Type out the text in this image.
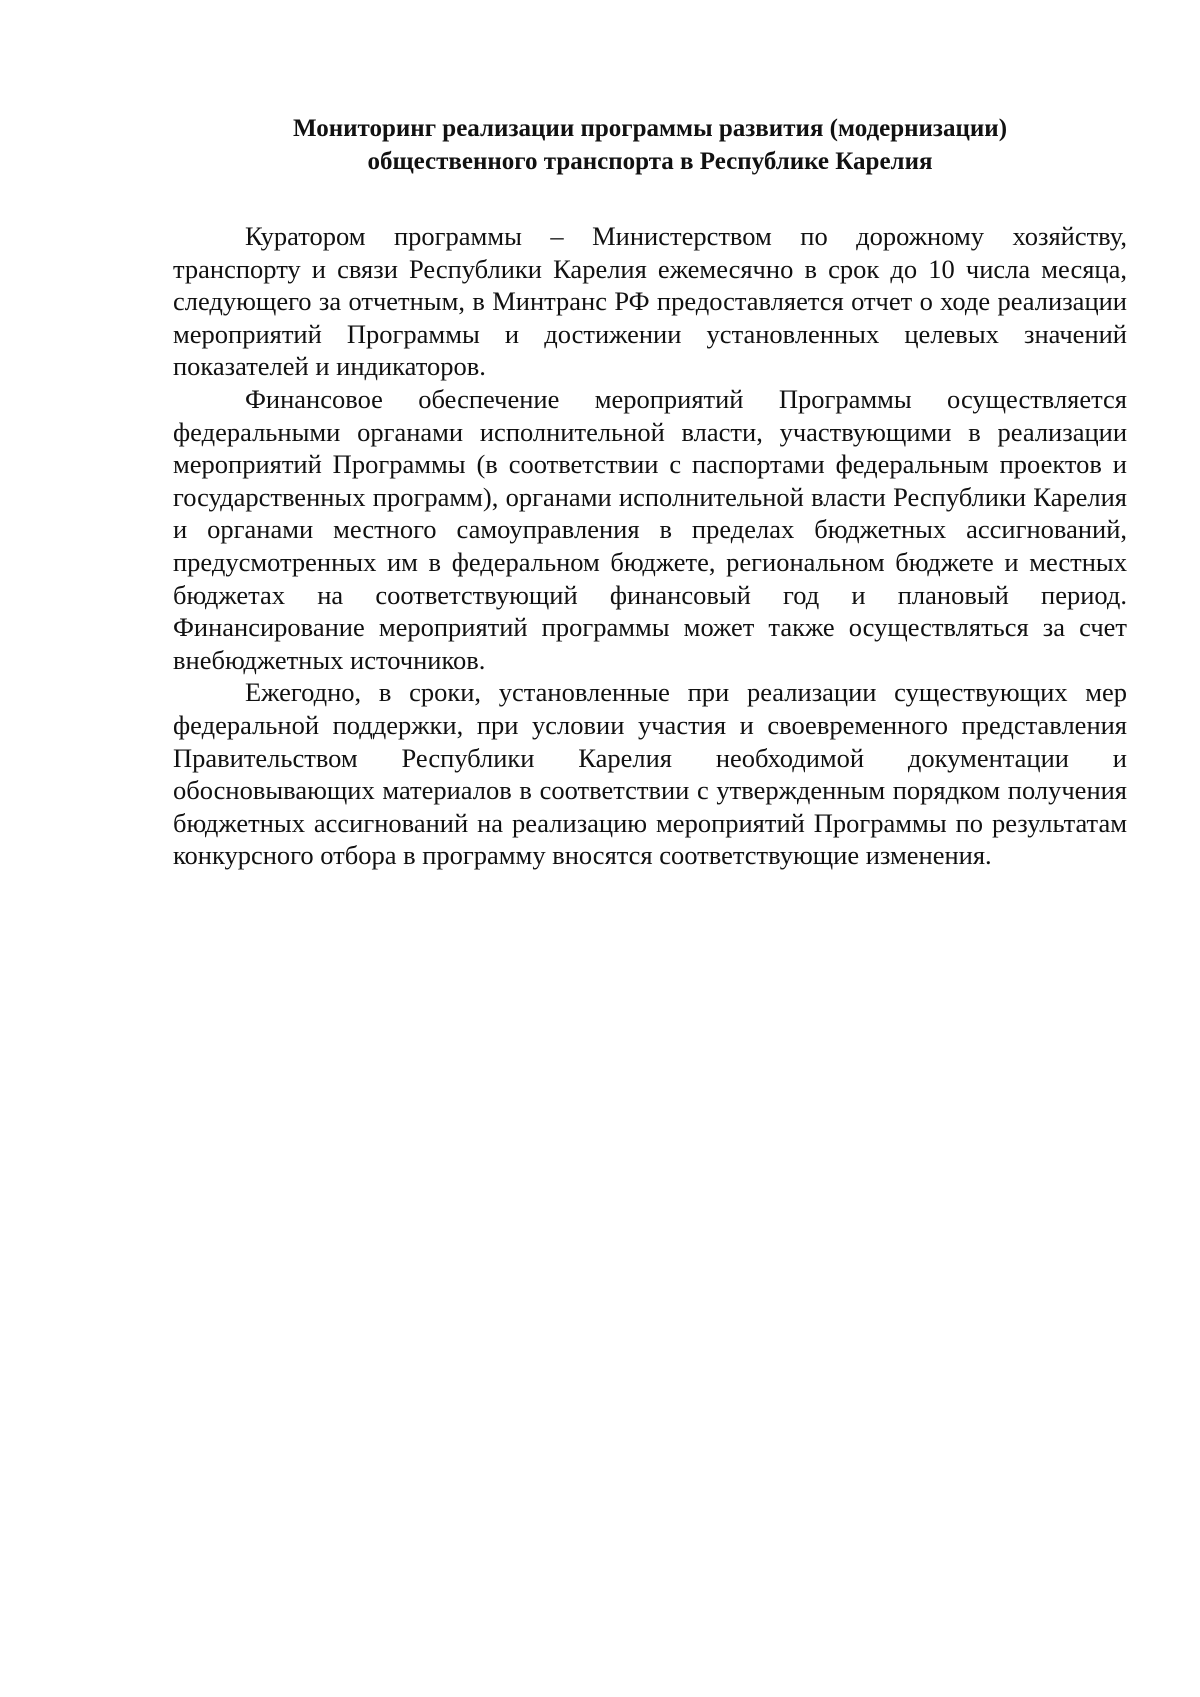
Мониторинг реализации программы развития (модернизации)
общественного транспорта в Республике Карелия

Куратором программы – Министерством по дорожному хозяйству, транспорту и связи Республики Карелия ежемесячно в срок до 10 числа месяца, следующего за отчетным, в Минтранс РФ предоставляется отчет о ходе реализации мероприятий Программы и достижении установленных целевых значений показателей и индикаторов.

Финансовое обеспечение мероприятий Программы осуществляется федеральными органами исполнительной власти, участвующими в реализации мероприятий Программы (в соответствии с паспортами федеральным проектов и государственных программ), органами исполнительной власти Республики Карелия и органами местного самоуправления в пределах бюджетных ассигнований, предусмотренных им в федеральном бюджете, региональном бюджете и местных бюджетах на соответствующий финансовый год и плановый период. Финансирование мероприятий программы может также осуществляться за счет внебюджетных источников.

Ежегодно, в сроки, установленные при реализации существующих мер федеральной поддержки, при условии участия и своевременного представления Правительством Республики Карелия необходимой документации и обосновывающих материалов в соответствии с утвержденным порядком получения бюджетных ассигнований на реализацию мероприятий Программы по результатам конкурсного отбора в программу вносятся соответствующие изменения.
